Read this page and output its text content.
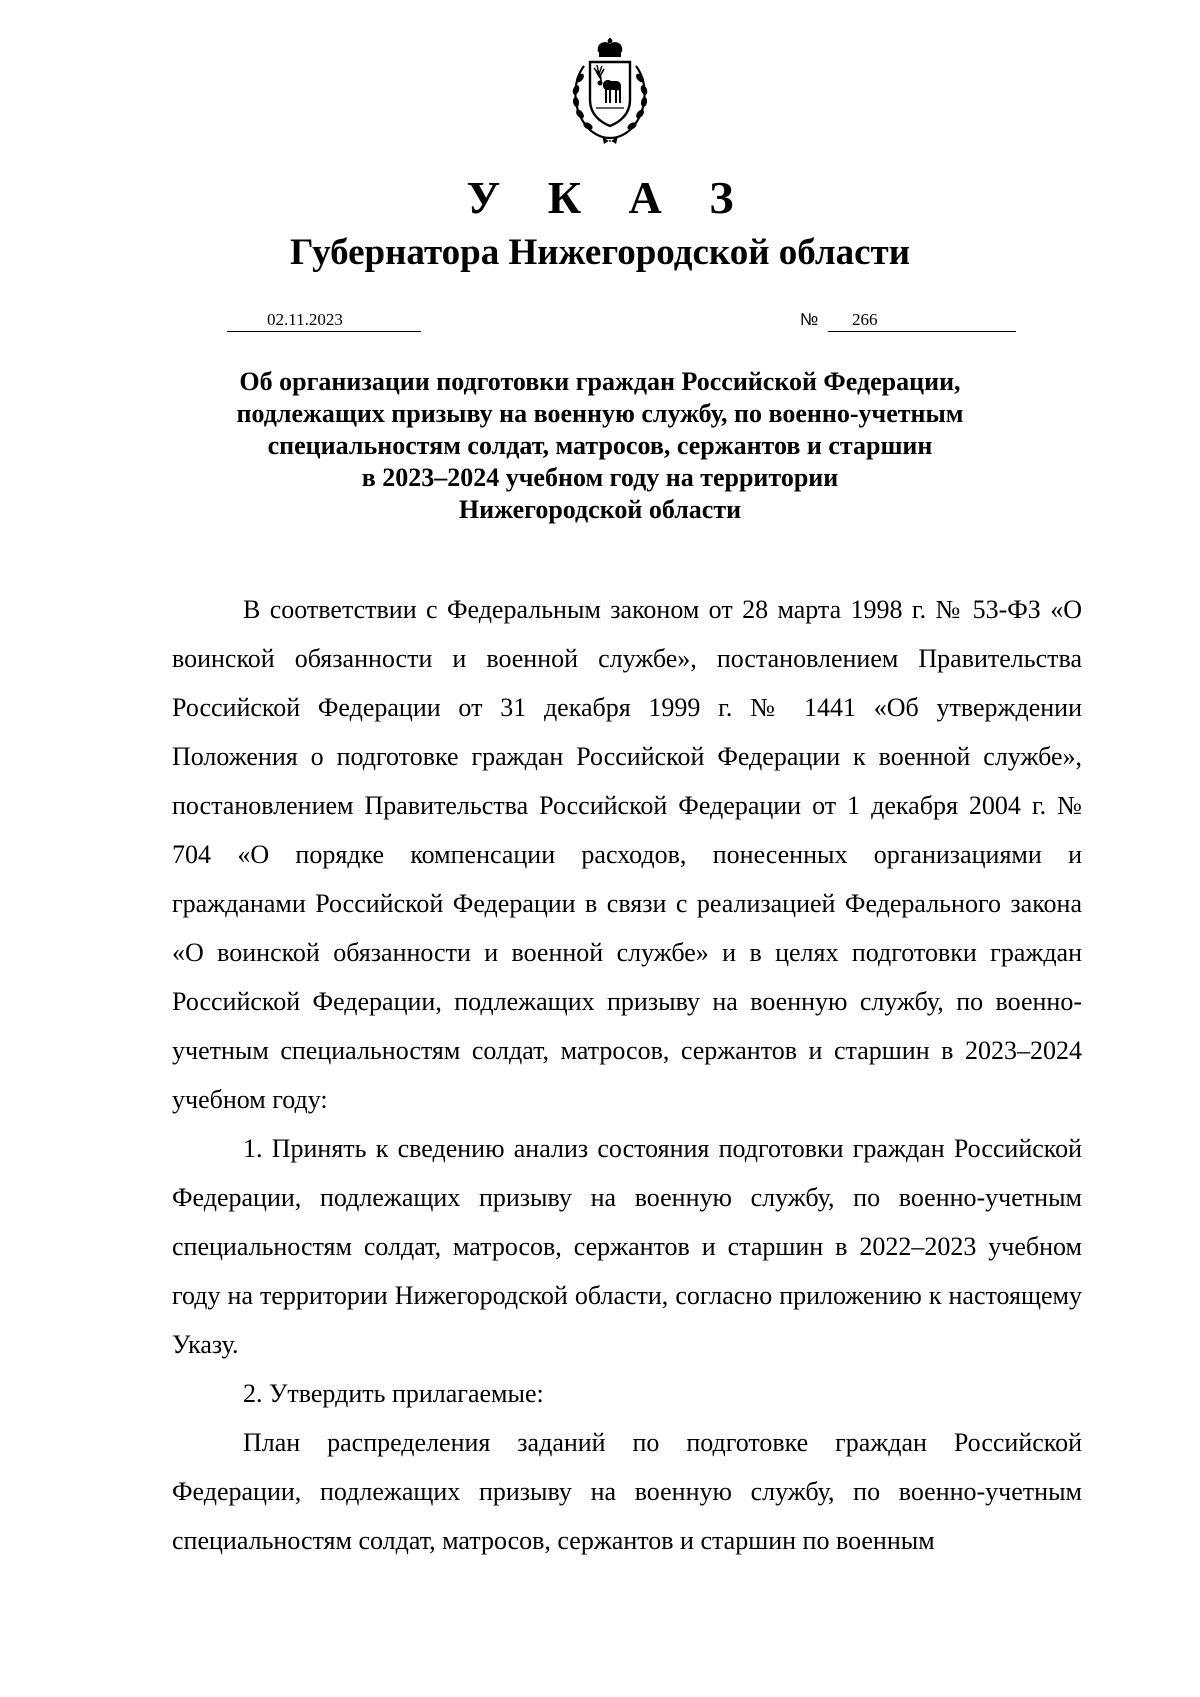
У К А З
Губернатора Нижегородской области
02.11.2023	№ 266
Об организации подготовки граждан Российской Федерации,
подлежащих призыву на военную службу, по военно-учетным
специальностям солдат, матросов, сержантов и старшин
в 2023–2024 учебном году на территории
Нижегородской области

В соответствии с Федеральным законом от 28 марта 1998 г. № 53-ФЗ «О воинской обязанности и военной службе», постановлением Правительства Российской Федерации от 31 декабря 1999 г. № 1441 «Об утверждении Положения о подготовке граждан Российской Федерации к военной службе», постановлением Правительства Российской Федерации от 1 декабря 2004 г. № 704 «О порядке компенсации расходов, понесенных организациями и гражданами Российской Федерации в связи с реализацией Федерального закона «О воинской обязанности и военной службе» и в целях подготовки граждан Российской Федерации, подлежащих призыву на военную службу, по военно-учетным специальностям солдат, матросов, сержантов и старшин в 2023–2024 учебном году:

1. Принять к сведению анализ состояния подготовки граждан Российской Федерации, подлежащих призыву на военную службу, по военно-учетным специальностям солдат, матросов, сержантов и старшин в 2022–2023 учебном году на территории Нижегородской области, согласно приложению к настоящему Указу.

2. Утвердить прилагаемые:

План распределения заданий по подготовке граждан Российской Федерации, подлежащих призыву на военную службу, по военно-учетным специальностям солдат, матросов, сержантов и старшин по военным
